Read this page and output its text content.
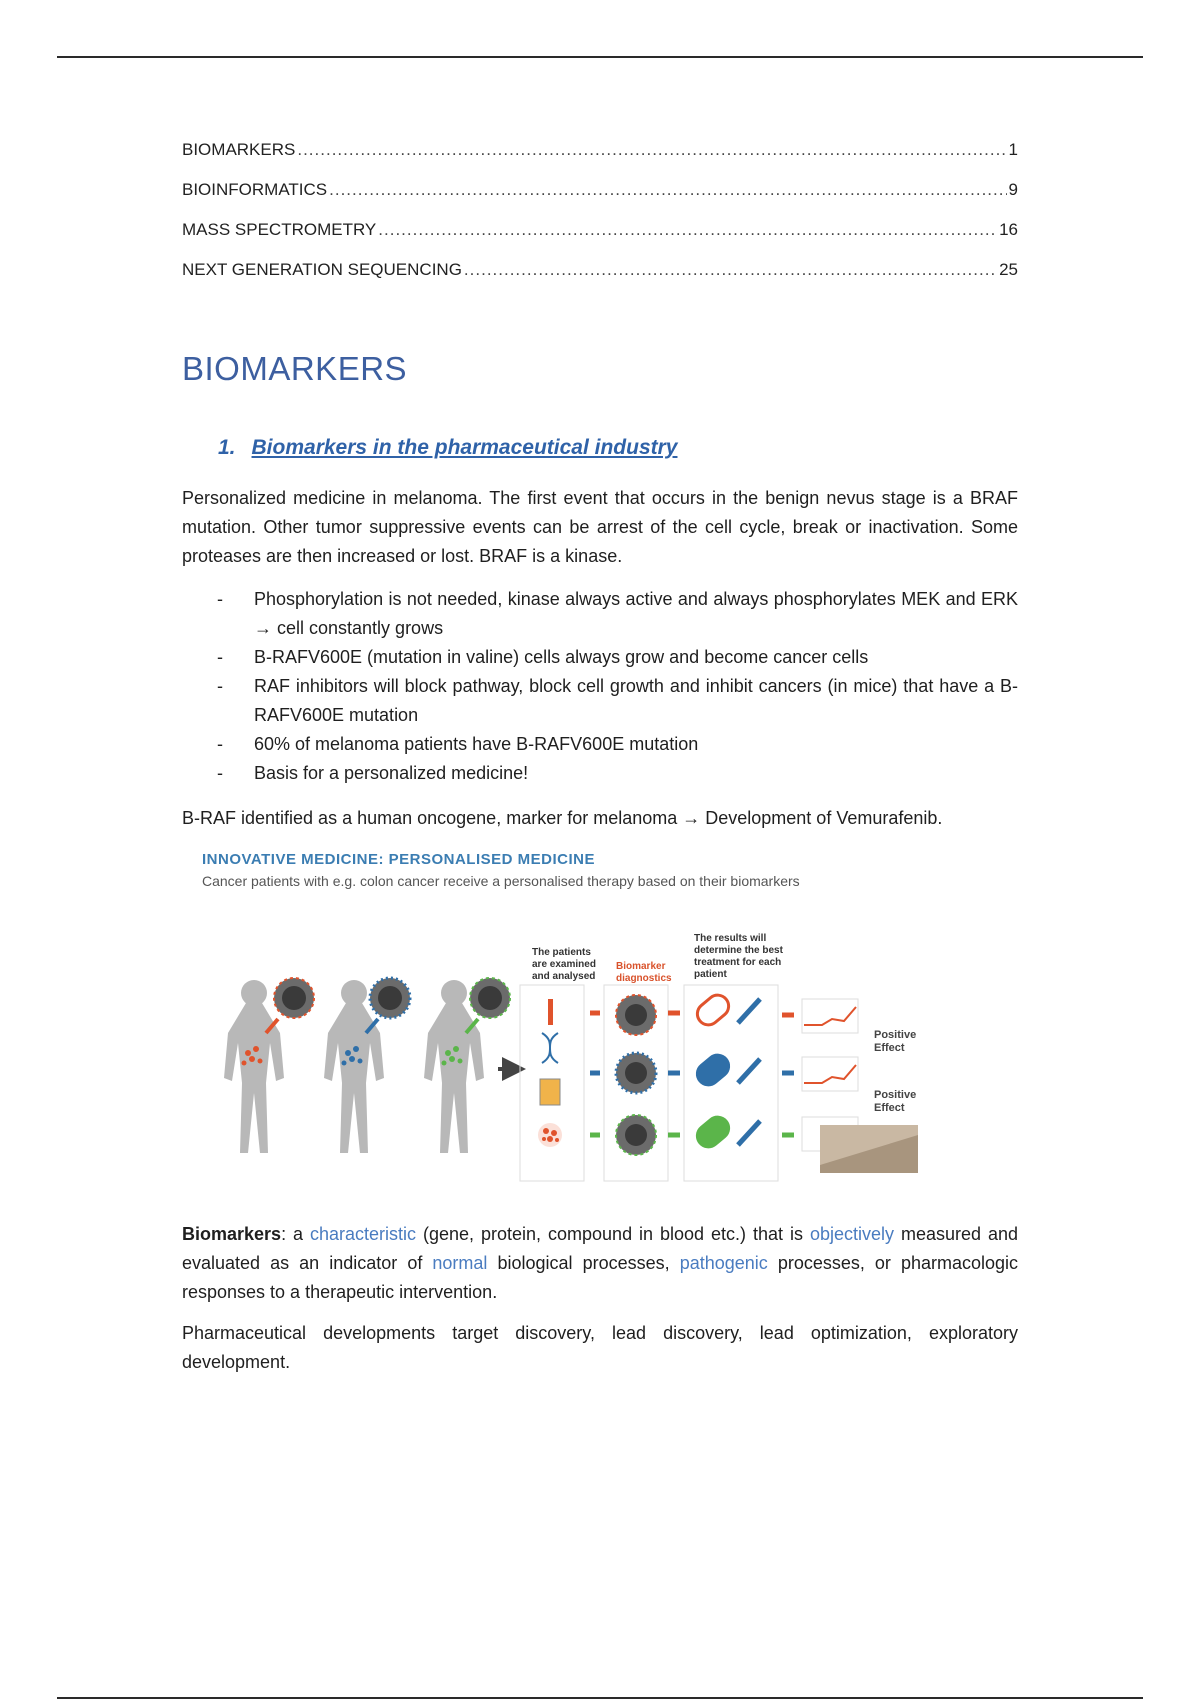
BIOMARKERS .....	1
BIOINFORMATICS .....	9
MASS SPECTROMETRY .....	16
NEXT GENERATION SEQUENCING .....	25
BIOMARKERS
1. Biomarkers in the pharmaceutical industry

Personalized medicine in melanoma. The first event that occurs in the benign nevus stage is a BRAF mutation. Other tumor suppressive events can be arrest of the cell cycle, break or inactivation. Some proteases are then increased or lost. BRAF is a kinase.

- Phosphorylation is not needed, kinase always active and always phosphorylates MEK and ERK → cell constantly grows
- B-RAFV600E (mutation in valine) cells always grow and become cancer cells
- RAF inhibitors will block pathway, block cell growth and inhibit cancers (in mice) that have a B-RAFV600E mutation
- 60% of melanoma patients have B-RAFV600E mutation
- Basis for a personalized medicine!

B-RAF identified as a human oncogene, marker for melanoma → Development of Vemurafenib.

INNOVATIVE MEDICINE: PERSONALISED MEDICINE
Cancer patients with e.g. colon cancer receive a personalised therapy based on their biomarkers
The patients are examined and analysed
Biomarker diagnostics
The results will determine the best treatment for each patient
Positive Effect
Positive Effect

Biomarkers: a characteristic (gene, protein, compound in blood etc.) that is objectively measured and evaluated as an indicator of normal biological processes, pathogenic processes, or pharmacologic responses to a therapeutic intervention.

Pharmaceutical developments target discovery, lead discovery, lead optimization, exploratory development.
